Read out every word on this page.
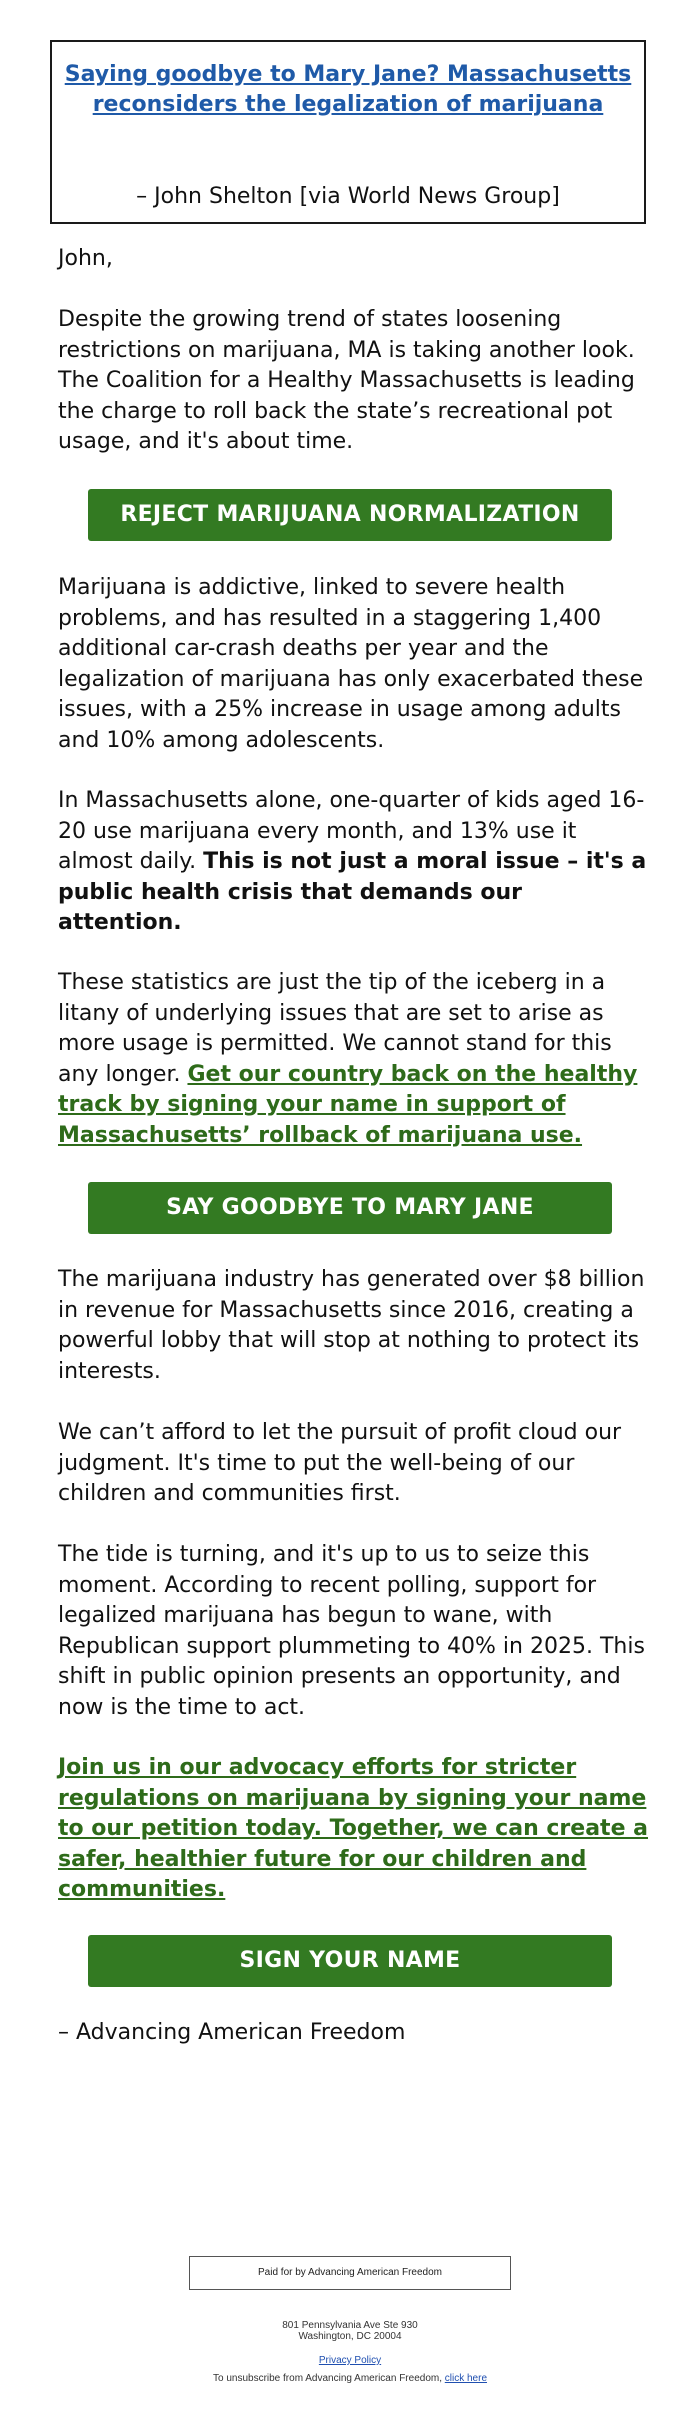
Saying goodbye to Mary Jane? Massachusetts reconsiders the legalization of marijuana
– John Shelton [via World News Group]

John,

Despite the growing trend of states loosening restrictions on marijuana, MA is taking another look. The Coalition for a Healthy Massachusetts is leading the charge to roll back the state’s recreational pot usage, and it's about time.

REJECT MARIJUANA NORMALIZATION

Marijuana is addictive, linked to severe health problems, and has resulted in a staggering 1,400 additional car-crash deaths per year and the legalization of marijuana has only exacerbated these issues, with a 25% increase in usage among adults and 10% among adolescents.

In Massachusetts alone, one-quarter of kids aged 16-20 use marijuana every month, and 13% use it almost daily. This is not just a moral issue – it's a public health crisis that demands our attention.

These statistics are just the tip of the iceberg in a litany of underlying issues that are set to arise as more usage is permitted. We cannot stand for this any longer. Get our country back on the healthy track by signing your name in support of Massachusetts’ rollback of marijuana use.

SAY GOODBYE TO MARY JANE

The marijuana industry has generated over $8 billion in revenue for Massachusetts since 2016, creating a powerful lobby that will stop at nothing to protect its interests.

We can’t afford to let the pursuit of profit cloud our judgment. It's time to put the well-being of our children and communities first.

The tide is turning, and it's up to us to seize this moment. According to recent polling, support for legalized marijuana has begun to wane, with Republican support plummeting to 40% in 2025. This shift in public opinion presents an opportunity, and now is the time to act.

Join us in our advocacy efforts for stricter regulations on marijuana by signing your name to our petition today. Together, we can create a safer, healthier future for our children and communities.

SIGN YOUR NAME

– Advancing American Freedom

Paid for by Advancing American Freedom
801 Pennsylvania Ave Ste 930
Washington, DC 20004
Privacy Policy
To unsubscribe from Advancing American Freedom, click here
